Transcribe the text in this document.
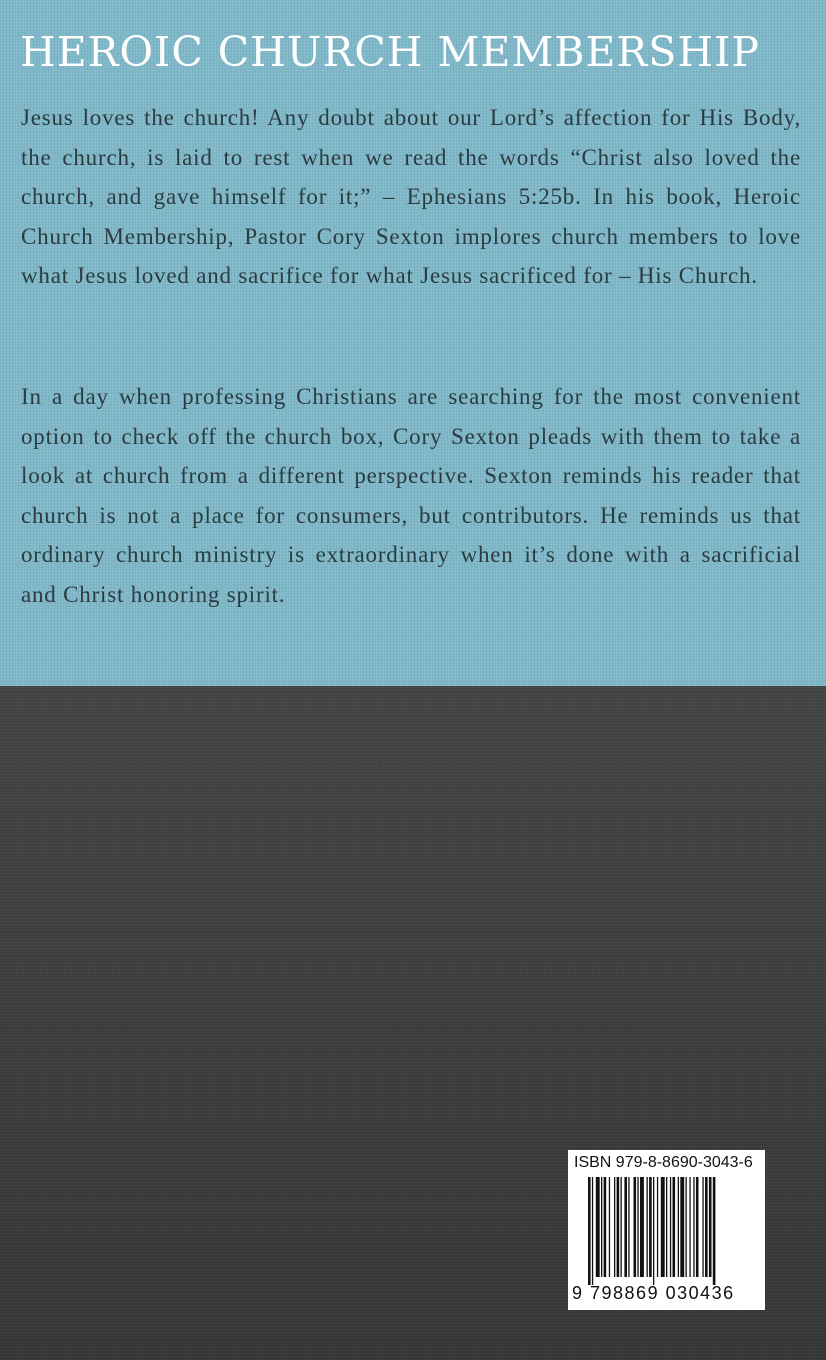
HEROIC CHURCH MEMBERSHIP

Jesus loves the church! Any doubt about our Lord’s affection for His Body, the church, is laid to rest when we read the words “Christ also loved the church, and gave himself for it;” – Ephesians 5:25b. In his book, Heroic Church Membership, Pastor Cory Sexton implores church members to love what Jesus loved and sacrifice for what Jesus sacrificed for – His Church.

In a day when professing Christians are searching for the most convenient option to check off the church box, Cory Sexton pleads with them to take a look at church from a different perspective. Sexton reminds his reader that church is not a place for consumers, but contributors. He reminds us that ordinary church ministry is extraordinary when it’s done with a sacrificial and Christ honoring spirit.

ISBN 979-8-8690-3043-6
9 798869 030436
